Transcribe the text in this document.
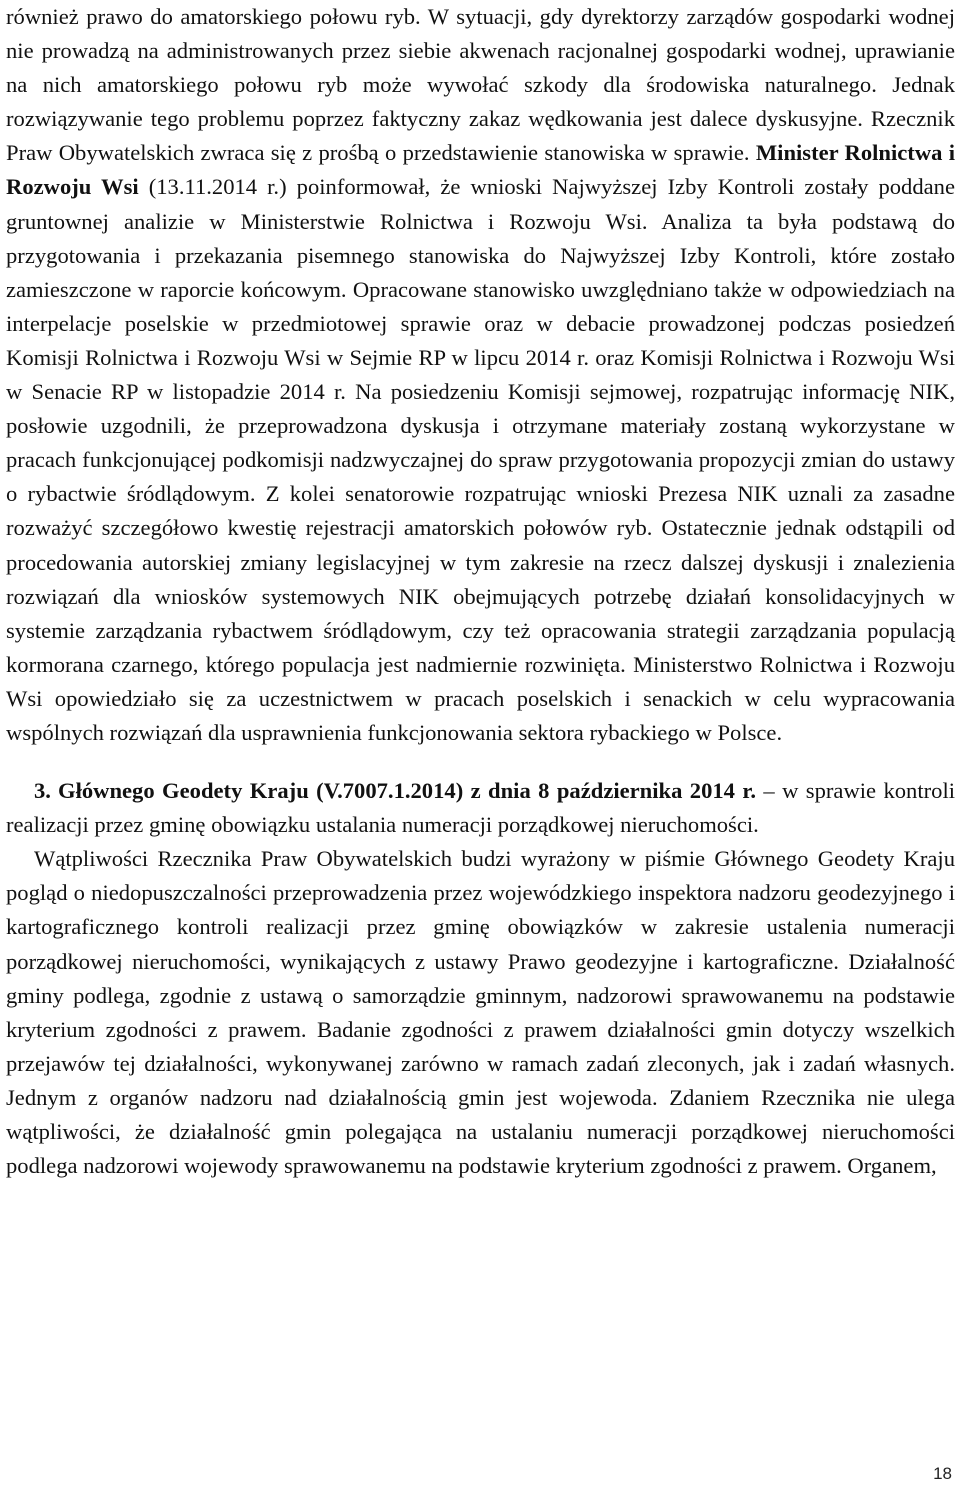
również prawo do amatorskiego połowu ryb. W sytuacji, gdy dyrektorzy zarządów gospodarki wodnej nie prowadzą na administrowanych przez siebie akwenach racjonalnej gospodarki wodnej, uprawianie na nich amatorskiego połowu ryb może wywołać szkody dla środowiska naturalnego. Jednak rozwiązywanie tego problemu poprzez faktyczny zakaz wędkowania jest dalece dyskusyjne. Rzecznik Praw Obywatelskich zwraca się z prośbą o przedstawienie stanowiska w sprawie. Minister Rolnictwa i Rozwoju Wsi (13.11.2014 r.) poinformował, że wnioski Najwyższej Izby Kontroli zostały poddane gruntownej analizie w Ministerstwie Rolnictwa i Rozwoju Wsi. Analiza ta była podstawą do przygotowania i przekazania pisemnego stanowiska do Najwyższej Izby Kontroli, które zostało zamieszczone w raporcie końcowym. Opracowane stanowisko uwzględniano także w odpowiedziach na interpelacje poselskie w przedmiotowej sprawie oraz w debacie prowadzonej podczas posiedzeń Komisji Rolnictwa i Rozwoju Wsi w Sejmie RP w lipcu 2014 r. oraz Komisji Rolnictwa i Rozwoju Wsi w Senacie RP w listopadzie 2014 r. Na posiedzeniu Komisji sejmowej, rozpatrując informację NIK, posłowie uzgodnili, że przeprowadzona dyskusja i otrzymane materiały zostaną wykorzystane w pracach funkcjonującej podkomisji nadzwyczajnej do spraw przygotowania propozycji zmian do ustawy o rybactwie śródlądowym. Z kolei senatorowie rozpatrując wnioski Prezesa NIK uznali za zasadne rozważyć szczegółowo kwestię rejestracji amatorskich połowów ryb. Ostatecznie jednak odstąpili od procedowania autorskiej zmiany legislacyjnej w tym zakresie na rzecz dalszej dyskusji i znalezienia rozwiązań dla wniosków systemowych NIK obejmujących potrzebę działań konsolidacyjnych w systemie zarządzania rybactwem śródlądowym, czy też opracowania strategii zarządzania populacją kormorana czarnego, którego populacja jest nadmiernie rozwinięta. Ministerstwo Rolnictwa i Rozwoju Wsi opowiedziało się za uczestnictwem w pracach poselskich i senackich w celu wypracowania wspólnych rozwiązań dla usprawnienia funkcjonowania sektora rybackiego w Polsce.

3. Głównego Geodety Kraju (V.7007.1.2014) z dnia 8 października 2014 r. – w sprawie kontroli realizacji przez gminę obowiązku ustalania numeracji porządkowej nieruchomości.

Wątpliwości Rzecznika Praw Obywatelskich budzi wyrażony w piśmie Głównego Geodety Kraju pogląd o niedopuszczalności przeprowadzenia przez wojewódzkiego inspektora nadzoru geodezyjnego i kartograficznego kontroli realizacji przez gminę obowiązków w zakresie ustalenia numeracji porządkowej nieruchomości, wynikających z ustawy Prawo geodezyjne i kartograficzne. Działalność gminy podlega, zgodnie z ustawą o samorządzie gminnym, nadzorowi sprawowanemu na podstawie kryterium zgodności z prawem. Badanie zgodności z prawem działalności gmin dotyczy wszelkich przejawów tej działalności, wykonywanej zarówno w ramach zadań zleconych, jak i zadań własnych. Jednym z organów nadzoru nad działalnością gmin jest wojewoda. Zdaniem Rzecznika nie ulega wątpliwości, że działalność gmin polegająca na ustalaniu numeracji porządkowej nieruchomości podlega nadzorowi wojewody sprawowanemu na podstawie kryterium zgodności z prawem. Organem,

18
